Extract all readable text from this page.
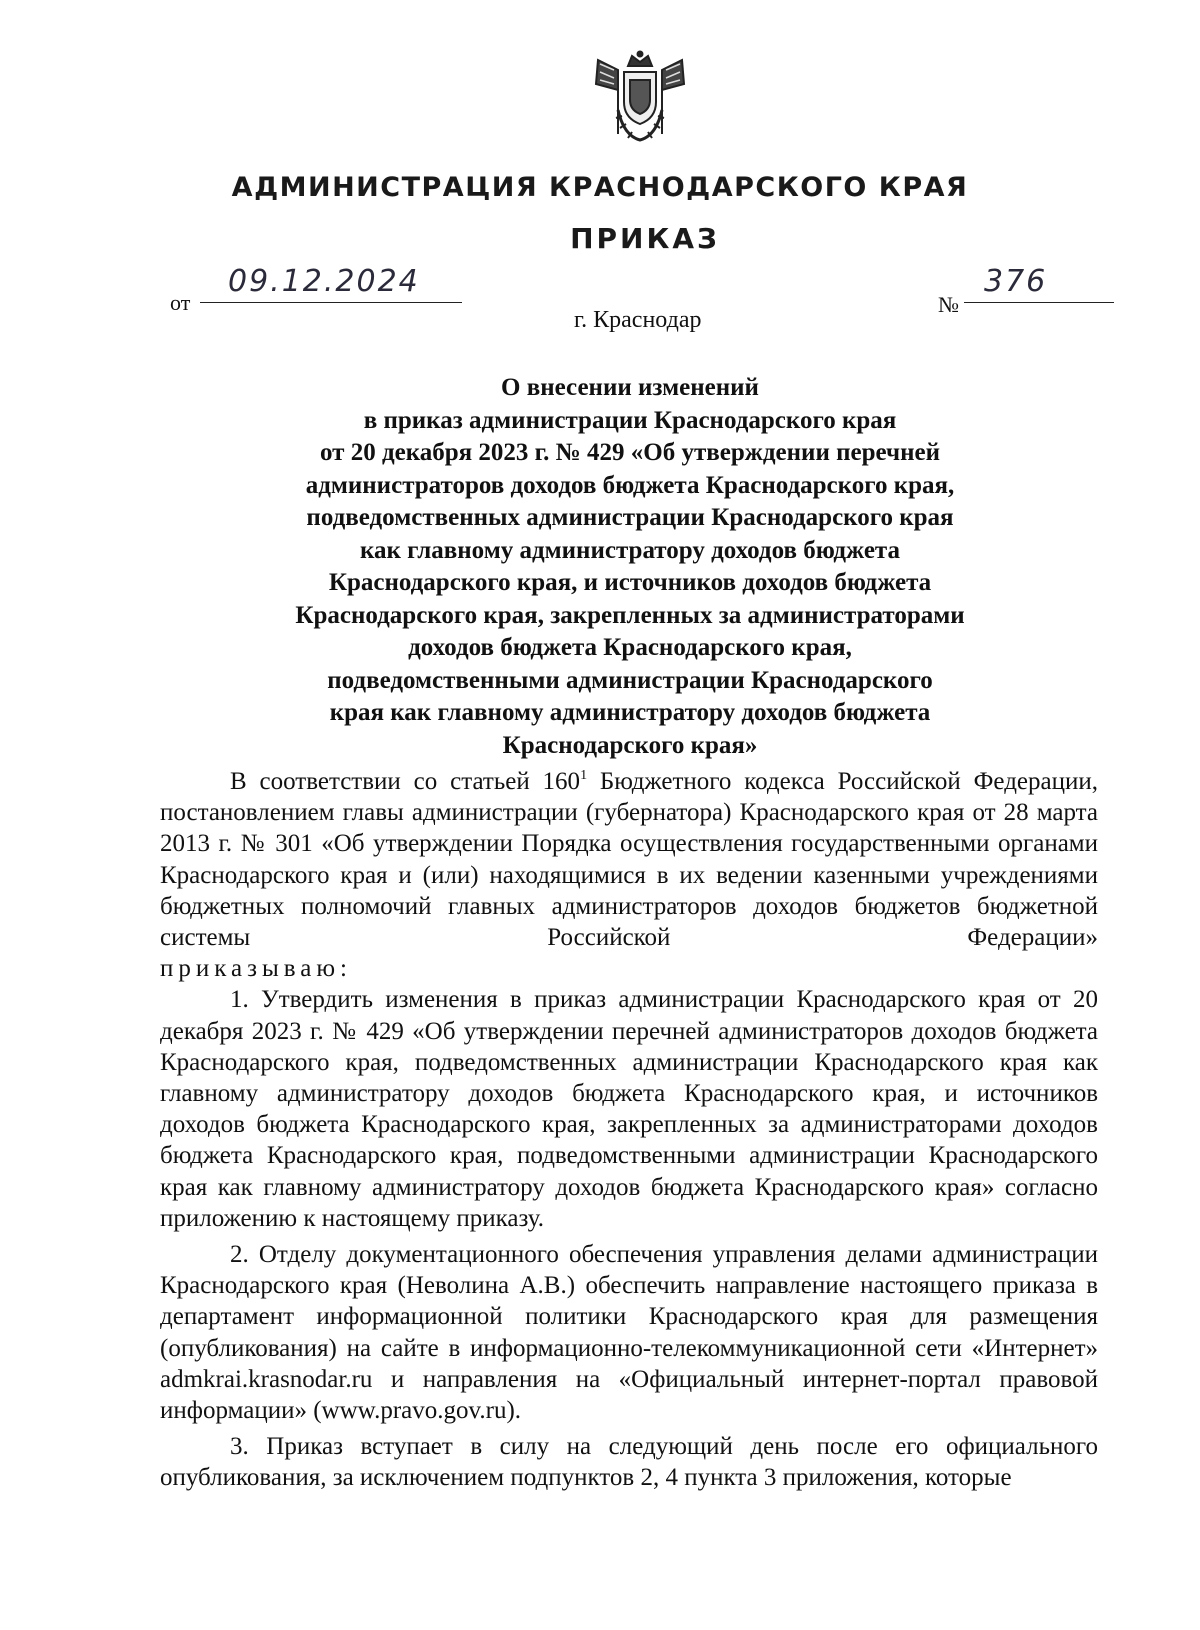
АДМИНИСТРАЦИЯ КРАСНОДАРСКОГО КРАЯ
ПРИКАЗ
от
09.12.2024
№
376
г. Краснодар
О внесении изменений
в приказ администрации Краснодарского края
от 20 декабря 2023 г. № 429 «Об утверждении перечней
администраторов доходов бюджета Краснодарского края,
подведомственных администрации Краснодарского края
как главному администратору доходов бюджета
Краснодарского края, и источников доходов бюджета
Краснодарского края, закрепленных за администраторами
доходов бюджета Краснодарского края,
подведомственными администрации Краснодарского
края как главному администратору доходов бюджета
Краснодарского края»

В соответствии со статьей $160^1$ Бюджетного кодекса Российской Федерации, постановлением главы администрации (губернатора) Краснодарского края от 28 марта 2013 г. № 301 «Об утверждении Порядка осуществления государственными органами Краснодарского края и (или) находящимися в их ведении казенными учреждениями бюджетных полномочий главных администраторов доходов бюджетов бюджетной системы Российской Федерации»

приказываю:

1. Утвердить изменения в приказ администрации Краснодарского края от 20 декабря 2023 г. № 429 «Об утверждении перечней администраторов доходов бюджета Краснодарского края, подведомственных администрации Краснодарского края как главному администратору доходов бюджета Краснодарского края, и источников доходов бюджета Краснодарского края, закрепленных за администраторами доходов бюджета Краснодарского края, подведомственными администрации Краснодарского края как главному администратору доходов бюджета Краснодарского края» согласно приложению к настоящему приказу.

2. Отделу документационного обеспечения управления делами администрации Краснодарского края (Неволина А.В.) обеспечить направление настоящего приказа в департамент информационной политики Краснодарского края для размещения (опубликования) на сайте в информационно-телекоммуникационной сети «Интернет» admkrai.krasnodar.ru и направления на «Официальный интернет-портал правовой информации» (www.pravo.gov.ru).

3. Приказ вступает в силу на следующий день после его официального опубликования, за исключением подпунктов 2, 4 пункта 3 приложения, которые
